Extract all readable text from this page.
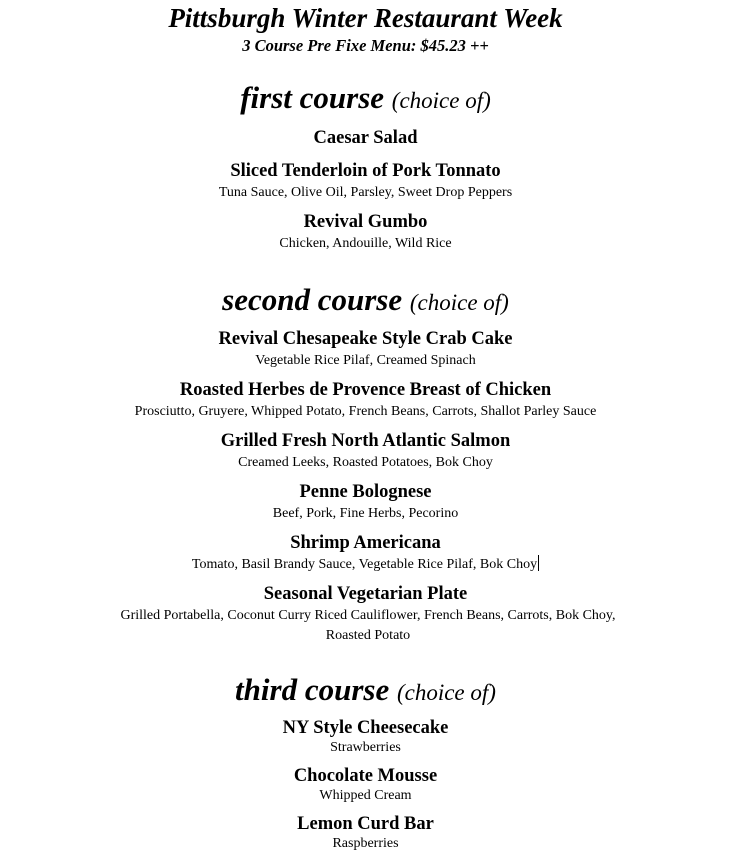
Pittsburgh Winter Restaurant Week
3 Course Pre Fixe Menu: $45.23 ++
first course (choice of)
Caesar Salad
Sliced Tenderloin of Pork Tonnato
Tuna Sauce, Olive Oil, Parsley, Sweet Drop Peppers
Revival Gumbo
Chicken, Andouille, Wild Rice
second course (choice of)
Revival Chesapeake Style Crab Cake
Vegetable Rice Pilaf, Creamed Spinach
Roasted Herbes de Provence Breast of Chicken
Prosciutto, Gruyere, Whipped Potato, French Beans, Carrots, Shallot Parley Sauce
Grilled Fresh North Atlantic Salmon
Creamed Leeks, Roasted Potatoes, Bok Choy
Penne Bolognese
Beef, Pork, Fine Herbs, Pecorino
Shrimp Americana
Tomato, Basil Brandy Sauce, Vegetable Rice Pilaf, Bok Choy
Seasonal Vegetarian Plate
Grilled Portabella, Coconut Curry Riced Cauliflower, French Beans, Carrots, Bok Choy, Roasted Potato
third course (choice of)
NY Style Cheesecake
Strawberries
Chocolate Mousse
Whipped Cream
Lemon Curd Bar
Raspberries
